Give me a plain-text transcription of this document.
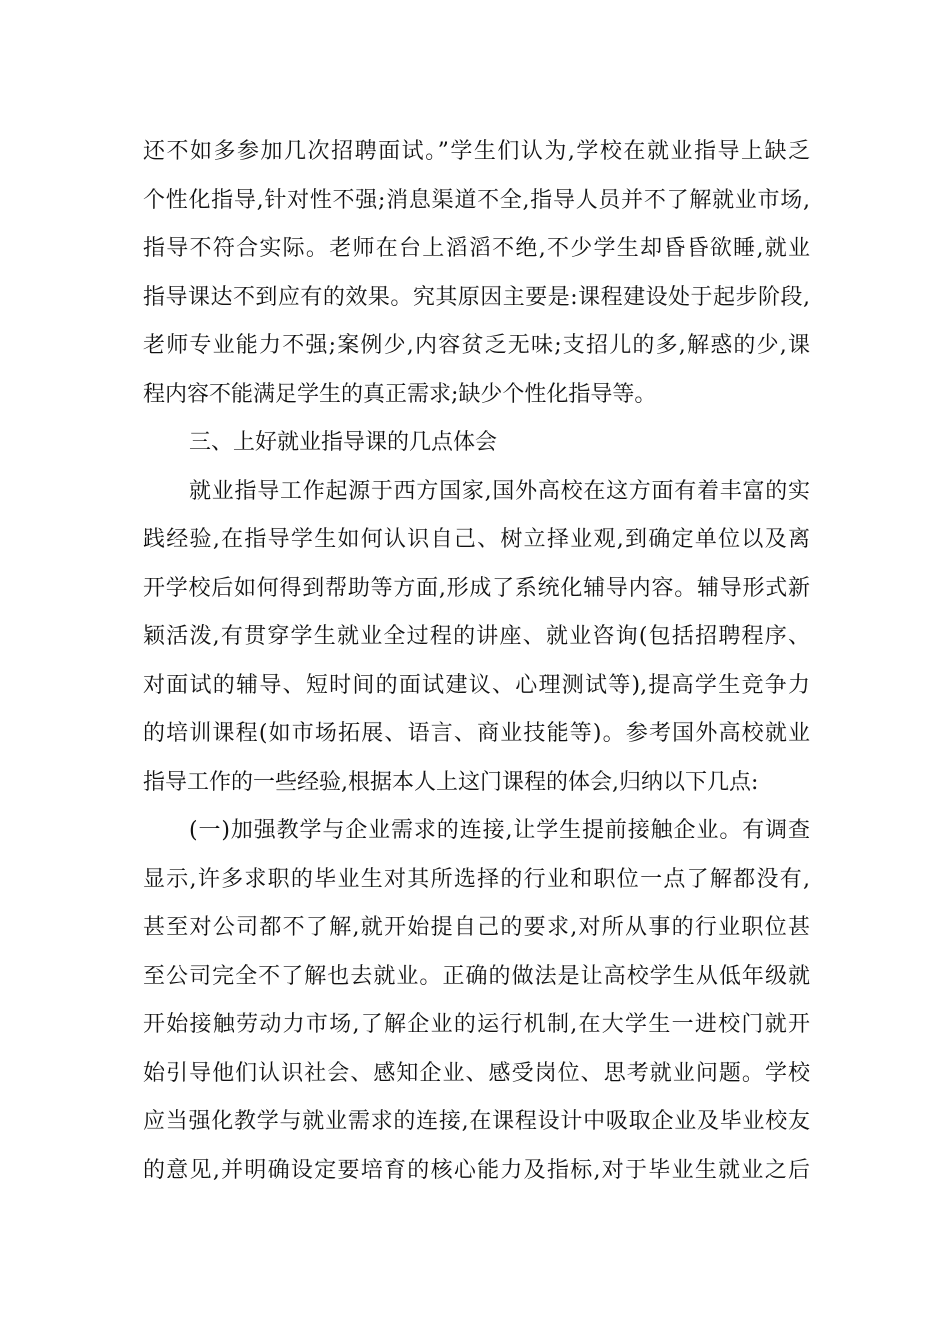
还不如多参加几次招聘面试。”学生们认为,学校在就业指导上缺乏
个性化指导,针对性不强;消息渠道不全,指导人员并不了解就业市场,
指导不符合实际。老师在台上滔滔不绝,不少学生却昏昏欲睡,就业
指导课达不到应有的效果。究其原因主要是:课程建设处于起步阶段,
老师专业能力不强;案例少,内容贫乏无味;支招儿的多,解惑的少,课
程内容不能满足学生的真正需求;缺少个性化指导等。
三、上好就业指导课的几点体会
就业指导工作起源于西方国家,国外高校在这方面有着丰富的实
践经验,在指导学生如何认识自己、树立择业观,到确定单位以及离
开学校后如何得到帮助等方面,形成了系统化辅导内容。辅导形式新
颖活泼,有贯穿学生就业全过程的讲座、就业咨询(包括招聘程序、
对面试的辅导、短时间的面试建议、心理测试等),提高学生竞争力
的培训课程(如市场拓展、语言、商业技能等)。参考国外高校就业
指导工作的一些经验,根据本人上这门课程的体会,归纳以下几点:
(一)加强教学与企业需求的连接,让学生提前接触企业。有调查
显示,许多求职的毕业生对其所选择的行业和职位一点了解都没有,
甚至对公司都不了解,就开始提自己的要求,对所从事的行业职位甚
至公司完全不了解也去就业。正确的做法是让高校学生从低年级就
开始接触劳动力市场,了解企业的运行机制,在大学生一进校门就开
始引导他们认识社会、感知企业、感受岗位、思考就业问题。学校
应当强化教学与就业需求的连接,在课程设计中吸取企业及毕业校友
的意见,并明确设定要培育的核心能力及指标,对于毕业生就业之后
